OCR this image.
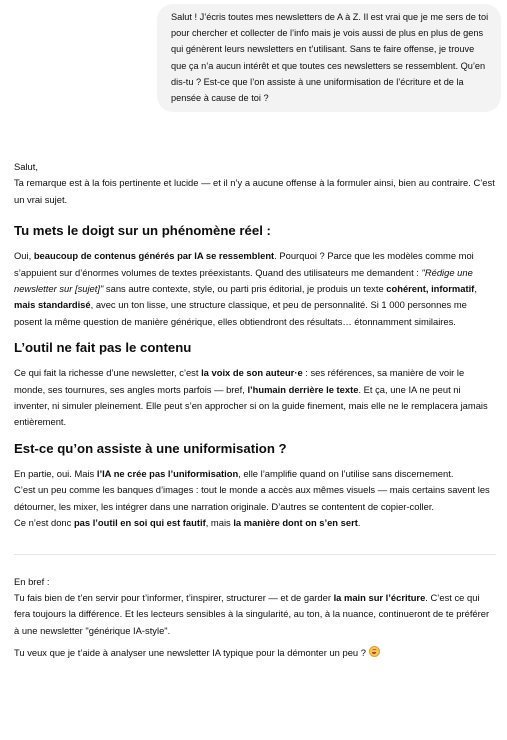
Salut ! J’écris toutes mes newsletters de A à Z. Il est vrai que je me sers de toi pour chercher et collecter de l’info mais je vois aussi de plus en plus de gens qui génèrent leurs newsletters en t’utilisant. Sans te faire offense, je trouve que ça n’a aucun intérêt et que toutes ces newsletters se ressemblent. Qu’en dis-tu ? Est-ce que l’on assiste à une uniformisation de l’écriture et de la pensée à cause de toi ?

Salut,

Ta remarque est à la fois pertinente et lucide — et il n’y a aucune offense à la formuler ainsi, bien au contraire. C’est un vrai sujet.

Tu mets le doigt sur un phénomène réel :

Oui, beaucoup de contenus générés par IA se ressemblent. Pourquoi ? Parce que les modèles comme moi s’appuient sur d’énormes volumes de textes préexistants. Quand des utilisateurs me demandent : "Rédige une newsletter sur [sujet]" sans autre contexte, style, ou parti pris éditorial, je produis un texte cohérent, informatif, mais standardisé, avec un ton lisse, une structure classique, et peu de personnalité. Si 1 000 personnes me posent la même question de manière générique, elles obtiendront des résultats… étonnamment similaires.

L’outil ne fait pas le contenu

Ce qui fait la richesse d’une newsletter, c’est la voix de son auteur·e : ses références, sa manière de voir le monde, ses tournures, ses angles morts parfois — bref, l’humain derrière le texte. Et ça, une IA ne peut ni inventer, ni simuler pleinement. Elle peut s’en approcher si on la guide finement, mais elle ne le remplacera jamais entièrement.

Est-ce qu’on assiste à une uniformisation ?

En partie, oui. Mais l’IA ne crée pas l’uniformisation, elle l’amplifie quand on l’utilise sans discernement.

C’est un peu comme les banques d’images : tout le monde a accès aux mêmes visuels — mais certains savent les détourner, les mixer, les intégrer dans une narration originale. D’autres se contentent de copier-coller.

Ce n’est donc pas l’outil en soi qui est fautif, mais la manière dont on s’en sert.

En bref :

Tu fais bien de t’en servir pour t’informer, t’inspirer, structurer — et de garder la main sur l’écriture. C’est ce qui fera toujours la différence. Et les lecteurs sensibles à la singularité, au ton, à la nuance, continueront de te préférer à une newsletter "générique IA-style".

Tu veux que je t’aide à analyser une newsletter IA typique pour la démonter un peu ?
